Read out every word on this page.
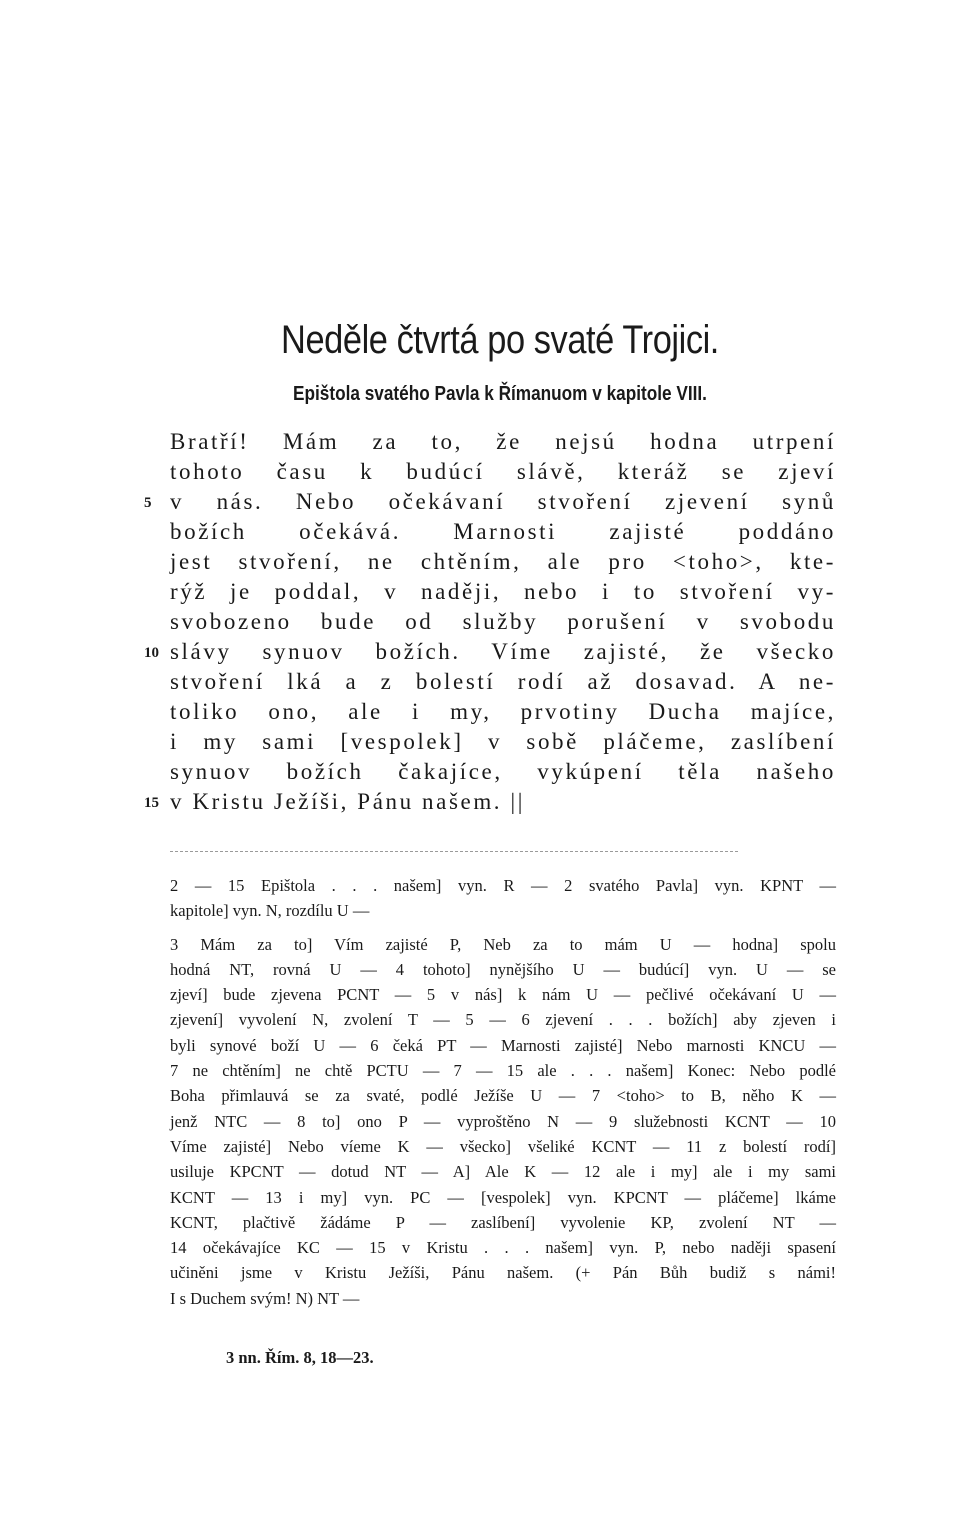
Neděle čtvrtá po svaté Trojici.
Epištola svatého Pavla k Římanuom v kapitole VIII.
Bratří! Mám za to, že nejsú hodna utrpení
tohoto času k budúcí slávě, kteráž se zjeví
5 v nás. Nebo očekávaní stvoření zjevení synů
božích očekává. Marnosti zajisté poddáno
jest stvoření, ne chtěním, ale pro <toho>, kte-
rýž je poddal, v naději, nebo i to stvoření vy-
svobozeno bude od služby porušení v svobodu
10 slávy synuov božích. Víme zajisté, že všecko
stvoření lká a z bolestí rodí až dosavad. A ne-
toliko ono, ale i my, prvotiny Ducha majíce,
i my sami [vespolek] v sobě pláčeme, zaslíbení
synuov božích čakajíce, vykúpení těla našeho
15 v Kristu Ježíši, Pánu našem. ||
2 — 15 Epištola . . . našem] vyn. R — 2 svatého Pavla] vyn. KPNT —
kapitole] vyn. N, rozdílu U —
3 Mám za to] Vím zajisté P, Neb za to mám U — hodna] spolu
hodná NT, rovná U — 4 tohoto] nynějšího U — budúcí] vyn. U — se
zjeví] bude zjevena PCNT — 5 v nás] k nám U — pečlivé očekávaní U —
zjevení] vyvolení N, zvolení T — 5 — 6 zjevení . . . božích] aby zjeven i
byli synové boží U — 6 čeká PT — Marnosti zajisté] Nebo marnosti KNCU —
7 ne chtěním] ne chtě PCTU — 7 — 15 ale . . . našem] Konec: Nebo podlé
Boha přimlauvá se za svaté, podlé Ježíše U — 7 <toho> to B, něho K —
jenž NTC — 8 to] ono P — vyproštěno N — 9 služebnosti KCNT — 10
Víme zajisté] Nebo víeme K — všecko] všeliké KCNT — 11 z bolestí rodí]
usiluje KPCNT — dotud NT — A] Ale K — 12 ale i my] ale i my sami
KCNT — 13 i my] vyn. PC — [vespolek] vyn. KPCNT — pláčeme] lkáme
KCNT, plačtivě žádáme P — zaslíbení] vyvolenie KP, zvolení NT —
14 očekávajíce KC — 15 v Kristu . . . našem] vyn. P, nebo naději spasení
učiněni jsme v Kristu Ježíši, Pánu našem. (+ Pán Bůh budiž s námi!
I s Duchem svým! N) NT —
3 nn. Řím. 8, 18—23.
